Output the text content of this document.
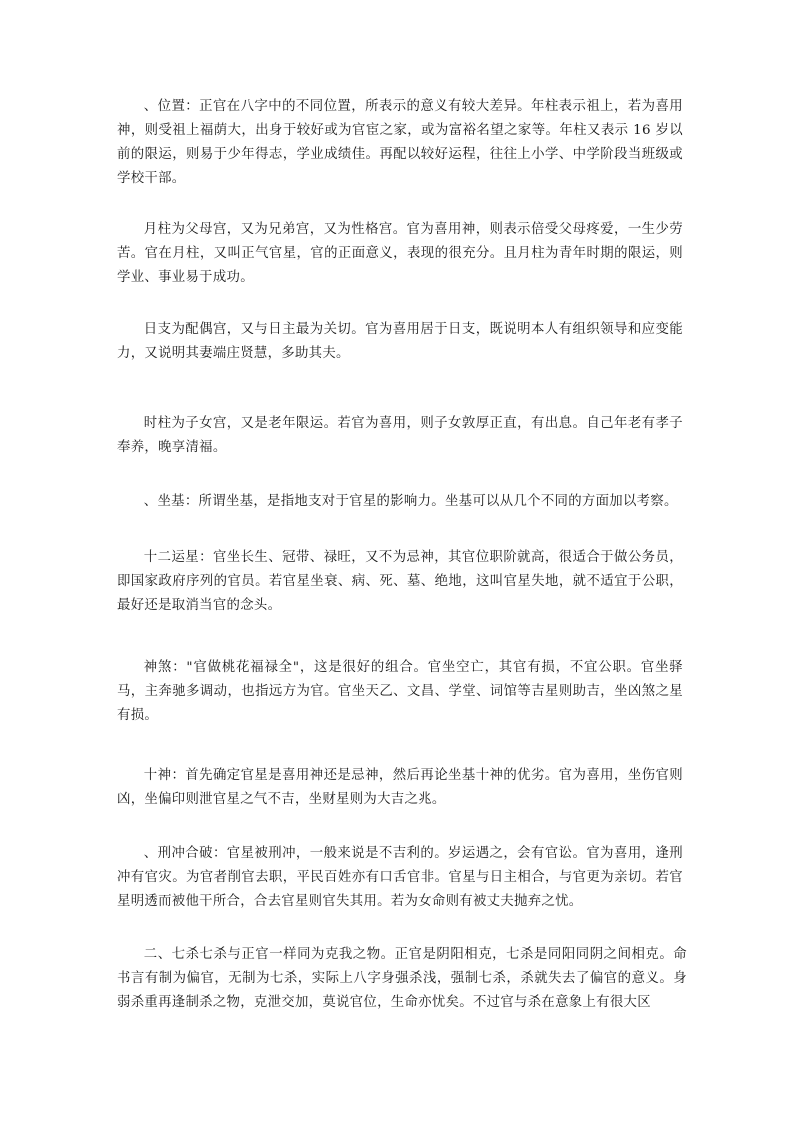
、位置：正官在八字中的不同位置，所表示的意义有较大差异。年柱表示祖上，若为喜用神，则受祖上福荫大，出身于较好或为官宦之家，或为富裕名望之家等。年柱又表示 16 岁以前的限运，则易于少年得志，学业成绩佳。再配以较好运程，往往上小学、中学阶段当班级或学校干部。

月柱为父母宫，又为兄弟宫，又为性格宫。官为喜用神，则表示倍受父母疼爱，一生少劳苦。官在月柱，又叫正气官星，官的正面意义，表现的很充分。且月柱为青年时期的限运，则学业、事业易于成功。

日支为配偶宫，又与日主最为关切。官为喜用居于日支，既说明本人有组织领导和应变能力，又说明其妻端庄贤慧，多助其夫。

时柱为子女宫，又是老年限运。若官为喜用，则子女敦厚正直，有出息。自己年老有孝子奉养，晚享清福。

、坐基：所谓坐基，是指地支对于官星的影响力。坐基可以从几个不同的方面加以考察。

十二运星：官坐长生、冠带、禄旺，又不为忌神，其官位职阶就高，很适合于做公务员，即国家政府序列的官员。若官星坐衰、病、死、墓、绝地，这叫官星失地，就不适宜于公职，最好还是取消当官的念头。

神煞："官做桃花福禄全"，这是很好的组合。官坐空亡，其官有损，不宜公职。官坐驿马，主奔驰多调动，也指远方为官。官坐天乙、文昌、学堂、词馆等吉星则助吉，坐凶煞之星有损。

十神：首先确定官星是喜用神还是忌神，然后再论坐基十神的优劣。官为喜用，坐伤官则凶，坐偏印则泄官星之气不吉，坐财星则为大吉之兆。

、刑冲合破：官星被刑冲，一般来说是不吉利的。岁运遇之，会有官讼。官为喜用，逢刑冲有官灾。为官者削官去职，平民百姓亦有口舌官非。官星与日主相合，与官更为亲切。若官星明透而被他干所合，合去官星则官失其用。若为女命则有被丈夫抛弃之忧。

二、七杀七杀与正官一样同为克我之物。正官是阴阳相克，七杀是同阳同阴之间相克。命书言有制为偏官，无制为七杀，实际上八字身强杀浅，强制七杀，杀就失去了偏官的意义。身弱杀重再逢制杀之物，克泄交加，莫说官位，生命亦忧矣。不过官与杀在意象上有很大区
